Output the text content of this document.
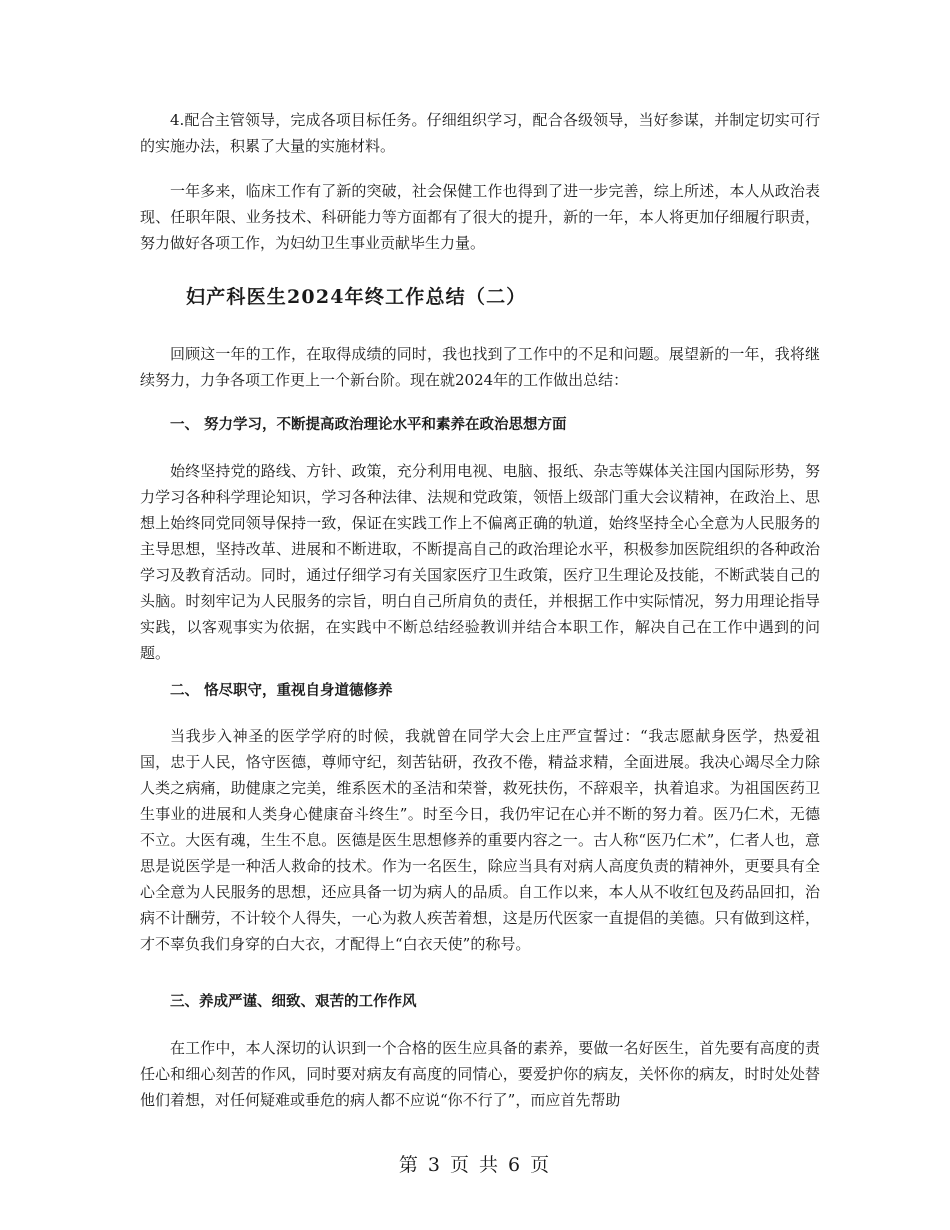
4.配合主管领导，完成各项目标任务。仔细组织学习，配合各级领导，当好参谋，并制定切实可行的实施办法，积累了大量的实施材料。

一年多来，临床工作有了新的突破，社会保健工作也得到了进一步完善，综上所述，本人从政治表现、任职年限、业务技术、科研能力等方面都有了很大的提升，新的一年，本人将更加仔细履行职责，努力做好各项工作，为妇幼卫生事业贡献毕生力量。

妇产科医生2024年终工作总结（二）

回顾这一年的工作，在取得成绩的同时，我也找到了工作中的不足和问题。展望新的一年，我将继续努力，力争各项工作更上一个新台阶。现在就2024年的工作做出总结：

一、 努力学习，不断提高政治理论水平和素养在政治思想方面

始终坚持党的路线、方针、政策，充分利用电视、电脑、报纸、杂志等媒体关注国内国际形势，努力学习各种科学理论知识，学习各种法律、法规和党政策，领悟上级部门重大会议精神，在政治上、思想上始终同党同领导保持一致，保证在实践工作上不偏离正确的轨道，始终坚持全心全意为人民服务的主导思想，坚持改革、进展和不断进取，不断提高自己的政治理论水平，积极参加医院组织的各种政治学习及教育活动。同时，通过仔细学习有关国家医疗卫生政策，医疗卫生理论及技能，不断武装自己的头脑。时刻牢记为人民服务的宗旨，明白自己所肩负的责任，并根据工作中实际情况，努力用理论指导实践，以客观事实为依据，在实践中不断总结经验教训并结合本职工作，解决自己在工作中遇到的问题。

二、 恪尽职守，重视自身道德修养

当我步入神圣的医学学府的时候，我就曾在同学大会上庄严宣誓过：“我志愿献身医学，热爱祖国，忠于人民，恪守医德，尊师守纪，刻苦钻研，孜孜不倦，精益求精，全面进展。我决心竭尽全力除人类之病痛，助健康之完美，维系医术的圣洁和荣誉，救死扶伤，不辞艰辛，执着追求。为祖国医药卫生事业的进展和人类身心健康奋斗终生”。时至今日，我仍牢记在心并不断的努力着。医乃仁术，无德不立。大医有魂，生生不息。医德是医生思想修养的重要内容之一。古人称“医乃仁术”，仁者人也，意思是说医学是一种活人救命的技术。作为一名医生，除应当具有对病人高度负责的精神外，更要具有全心全意为人民服务的思想，还应具备一切为病人的品质。自工作以来，本人从不收红包及药品回扣，治病不计酬劳，不计较个人得失，一心为救人疾苦着想，这是历代医家一直提倡的美德。只有做到这样，才不辜负我们身穿的白大衣，才配得上“白衣天使”的称号。

三、养成严谨、细致、艰苦的工作作风

在工作中，本人深切的认识到一个合格的医生应具备的素养，要做一名好医生，首先要有高度的责任心和细心刻苦的作风，同时要对病友有高度的同情心，要爱护你的病友，关怀你的病友，时时处处替他们着想，对任何疑难或垂危的病人都不应说“你不行了”，而应首先帮助

第 3 页 共 6 页
